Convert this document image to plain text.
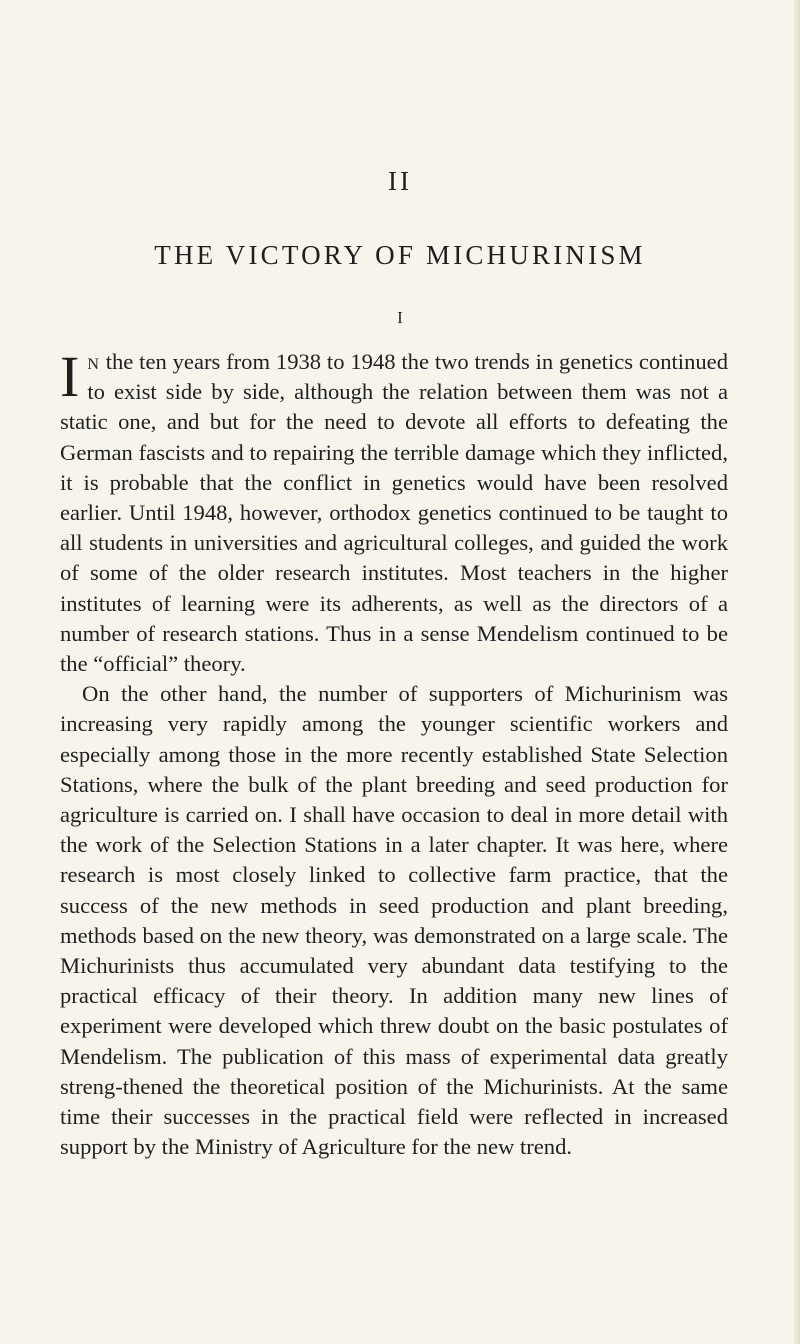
II
THE VICTORY OF MICHURINISM
I

In the ten years from 1938 to 1948 the two trends in genetics continued to exist side by side, although the relation between them was not a static one, and but for the need to devote all efforts to defeating the German fascists and to repairing the terrible damage which they inflicted, it is probable that the conflict in genetics would have been resolved earlier. Until 1948, however, orthodox genetics continued to be taught to all students in universities and agricultural colleges, and guided the work of some of the older research institutes. Most teachers in the higher institutes of learning were its adherents, as well as the directors of a number of research stations. Thus in a sense Mendelism continued to be the “official” theory.

On the other hand, the number of supporters of Michurinism was increasing very rapidly among the younger scientific workers and especially among those in the more recently established State Selection Stations, where the bulk of the plant breeding and seed production for agriculture is carried on. I shall have occasion to deal in more detail with the work of the Selection Stations in a later chapter. It was here, where research is most closely linked to collective farm practice, that the success of the new methods in seed production and plant breeding, methods based on the new theory, was demonstrated on a large scale. The Michurinists thus accumulated very abundant data testifying to the practical efficacy of their theory. In addition many new lines of experiment were developed which threw doubt on the basic postulates of Mendelism. The publication of this mass of experimental data greatly streng-thened the theoretical position of the Michurinists. At the same time their successes in the practical field were reflected in increased support by the Ministry of Agriculture for the new trend.
